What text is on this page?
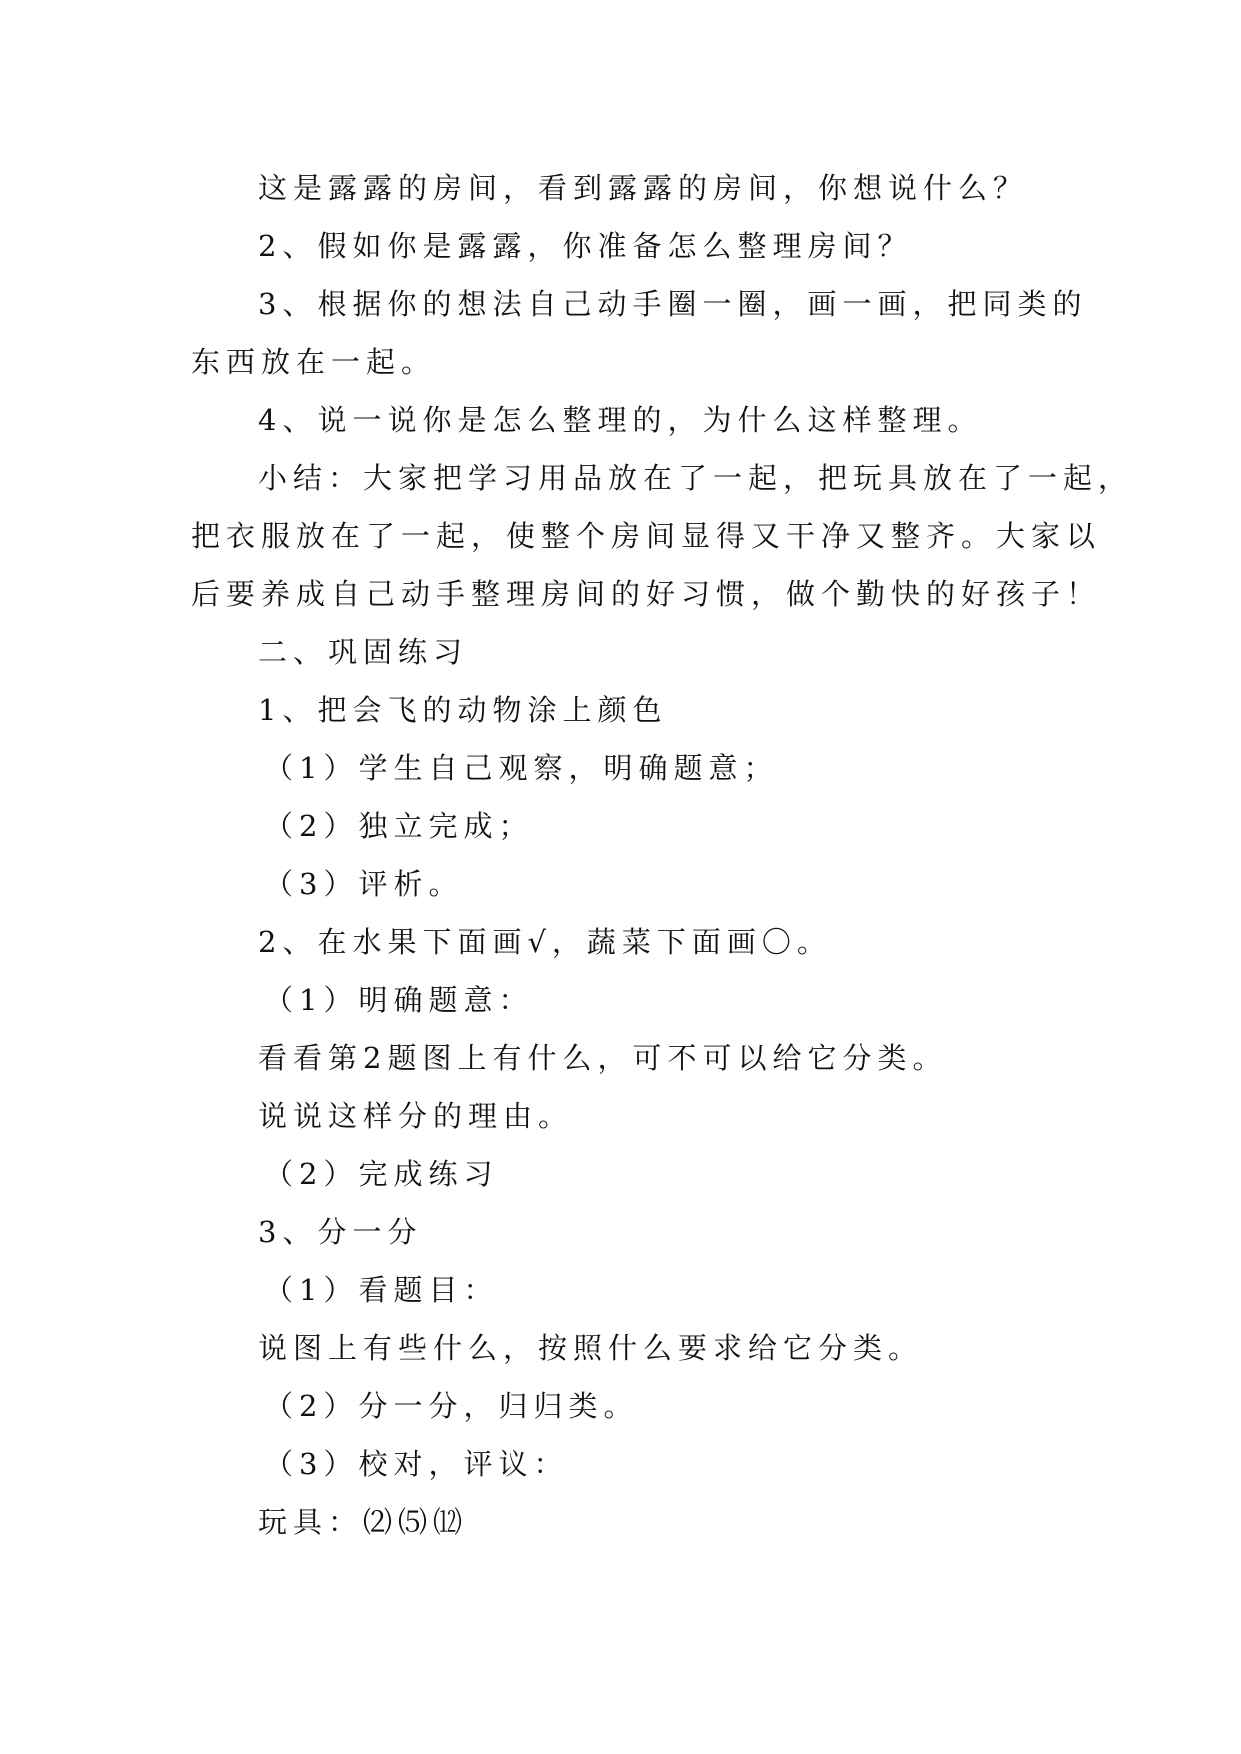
这是露露的房间，看到露露的房间，你想说什么？
2、假如你是露露，你准备怎么整理房间？
3、根据你的想法自己动手圈一圈，画一画，把同类的
东西放在一起。
4、说一说你是怎么整理的，为什么这样整理。
小结：大家把学习用品放在了一起，把玩具放在了一起，
把衣服放在了一起，使整个房间显得又干净又整齐。大家以
后要养成自己动手整理房间的好习惯，做个勤快的好孩子！
二、巩固练习
1、把会飞的动物涂上颜色
（1）学生自己观察，明确题意；
（2）独立完成；
（3）评析。
2、在水果下面画√，蔬菜下面画〇。
（1）明确题意：
看看第2题图上有什么，可不可以给它分类。
说说这样分的理由。
（2）完成练习
3、分一分
（1）看题目：
说图上有些什么，按照什么要求给它分类。
（2）分一分，归归类。
（3）校对，评议：
玩具：⑵⑸⑿
